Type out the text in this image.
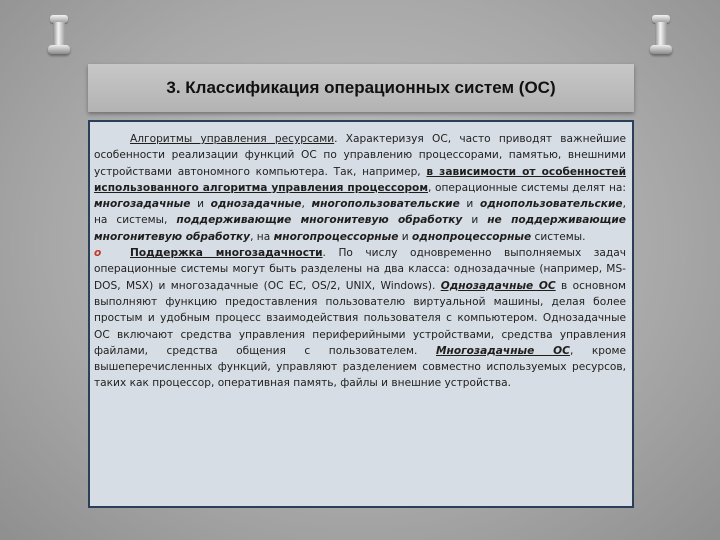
3. Классификация операционных систем (ОС)

Алгоритмы управления ресурсами. Характеризуя ОС, часто приводят важнейшие особенности реализации функций ОС по управлению процессорами, памятью, внешними устройствами автономного компьютера. Так, например, в зависимости от особенностей использованного алгоритма управления процессором, операционные системы делят на: многозадачные и однозадачные, многопользовательские и однопользовательские, на системы, поддерживающие многонитевую обработку и не поддерживающие многонитевую обработку, на многопроцессорные и однопроцессорные системы.

o	Поддержка многозадачности. По числу одновременно выполняемых задач операционные системы могут быть разделены на два класса: однозадачные (например, MS-DOS, MSX) и многозадачные (ОС ЕС, OS/2, UNIX, Windows). Однозадачные ОС в основном выполняют функцию предоставления пользователю виртуальной машины, делая более простым и удобным процесс взаимодействия пользователя с компьютером. Однозадачные ОС включают средства управления периферийными устройствами, средства управления файлами, средства общения с пользователем. Многозадачные ОС, кроме вышеперечисленных функций, управляют разделением совместно используемых ресурсов, таких как процессор, оперативная память, файлы и внешние устройства.
